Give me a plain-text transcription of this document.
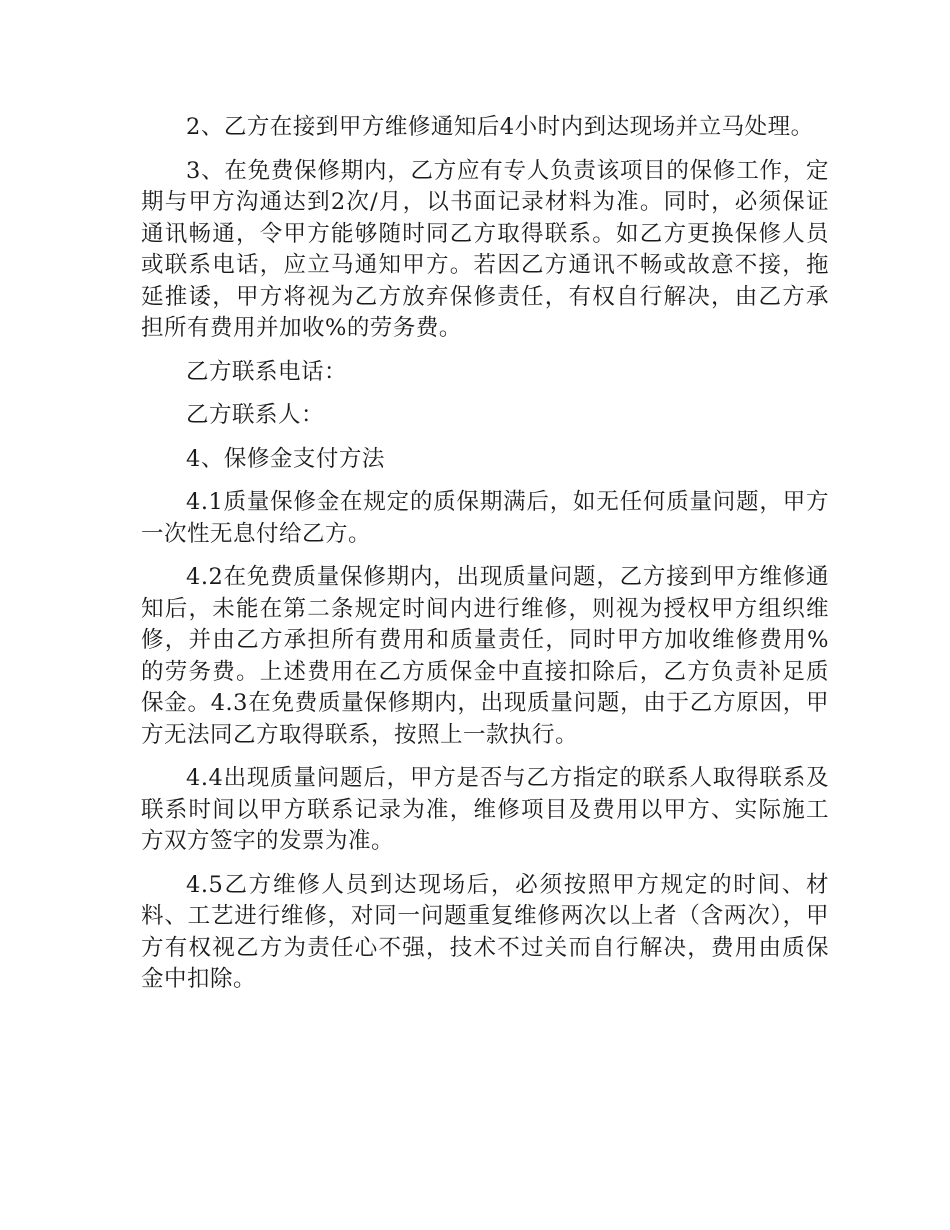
2、乙方在接到甲方维修通知后4小时内到达现场并立马处理。

3、在免费保修期内，乙方应有专人负责该项目的保修工作，定期与甲方沟通达到2次/月，以书面记录材料为准。同时，必须保证通讯畅通，令甲方能够随时同乙方取得联系。如乙方更换保修人员或联系电话，应立马通知甲方。若因乙方通讯不畅或故意不接，拖延推诿，甲方将视为乙方放弃保修责任，有权自行解决，由乙方承担所有费用并加收%的劳务费。

乙方联系电话：

乙方联系人：

4、保修金支付方法

4.1质量保修金在规定的质保期满后，如无任何质量问题，甲方一次性无息付给乙方。

4.2在免费质量保修期内，出现质量问题，乙方接到甲方维修通知后，未能在第二条规定时间内进行维修，则视为授权甲方组织维修，并由乙方承担所有费用和质量责任，同时甲方加收维修费用%的劳务费。上述费用在乙方质保金中直接扣除后，乙方负责补足质保金。4.3在免费质量保修期内，出现质量问题，由于乙方原因，甲方无法同乙方取得联系，按照上一款执行。

4.4出现质量问题后，甲方是否与乙方指定的联系人取得联系及联系时间以甲方联系记录为准，维修项目及费用以甲方、实际施工方双方签字的发票为准。

4.5乙方维修人员到达现场后，必须按照甲方规定的时间、材料、工艺进行维修，对同一问题重复维修两次以上者（含两次），甲方有权视乙方为责任心不强，技术不过关而自行解决，费用由质保金中扣除。
